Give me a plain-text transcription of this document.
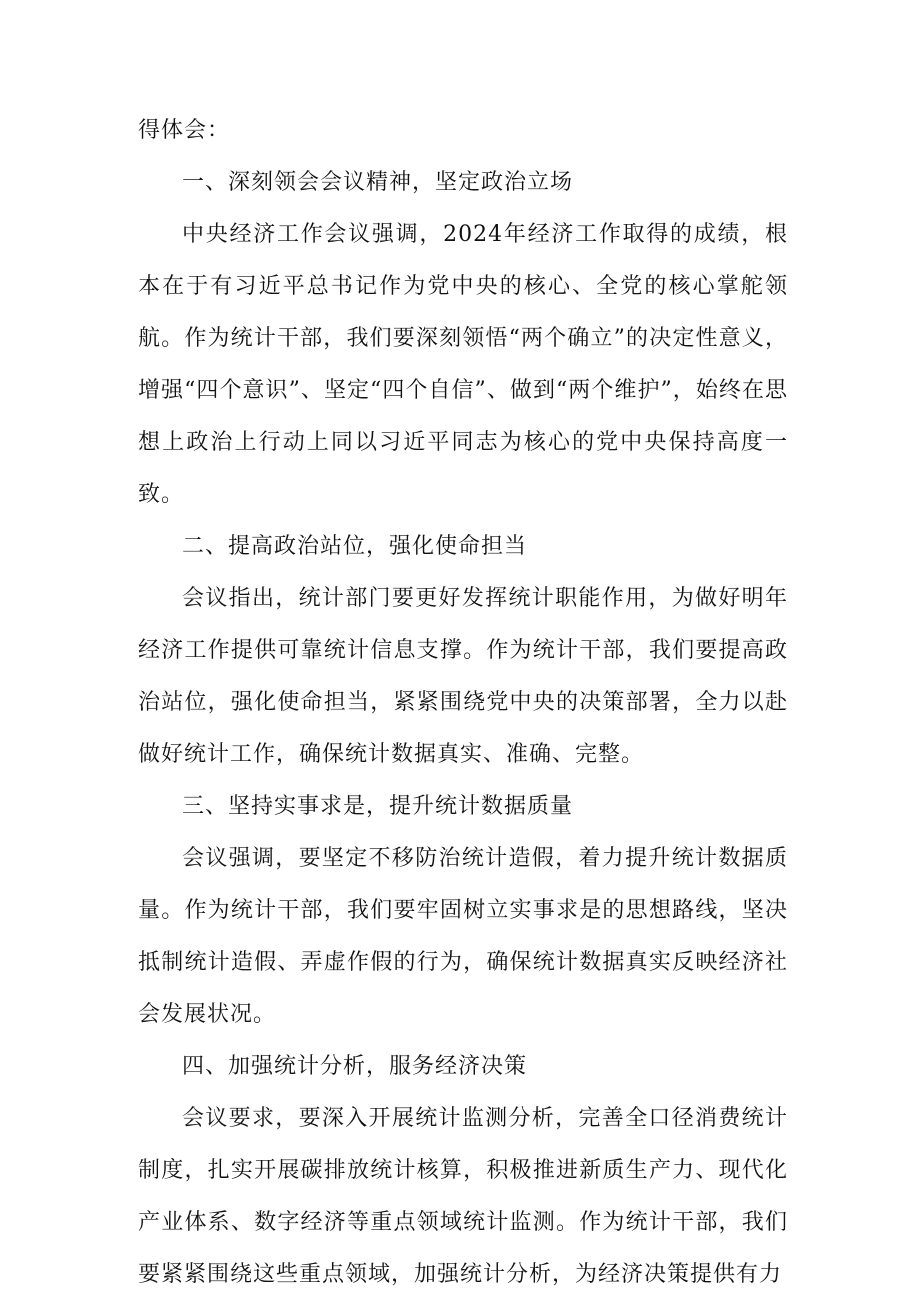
得体会：

一、深刻领会会议精神，坚定政治立场

中央经济工作会议强调，2024年经济工作取得的成绩，根本在于有习近平总书记作为党中央的核心、全党的核心掌舵领航。作为统计干部，我们要深刻领悟“两个确立”的决定性意义，增强“四个意识”、坚定“四个自信”、做到“两个维护”，始终在思想上政治上行动上同以习近平同志为核心的党中央保持高度一致。

二、提高政治站位，强化使命担当

会议指出，统计部门要更好发挥统计职能作用，为做好明年经济工作提供可靠统计信息支撑。作为统计干部，我们要提高政治站位，强化使命担当，紧紧围绕党中央的决策部署，全力以赴做好统计工作，确保统计数据真实、准确、完整。

三、坚持实事求是，提升统计数据质量

会议强调，要坚定不移防治统计造假，着力提升统计数据质量。作为统计干部，我们要牢固树立实事求是的思想路线，坚决抵制统计造假、弄虚作假的行为，确保统计数据真实反映经济社会发展状况。

四、加强统计分析，服务经济决策

会议要求，要深入开展统计监测分析，完善全口径消费统计制度，扎实开展碳排放统计核算，积极推进新质生产力、现代化产业体系、数字经济等重点领域统计监测。作为统计干部，我们要紧紧围绕这些重点领域，加强统计分析，为经济决策提供有力
